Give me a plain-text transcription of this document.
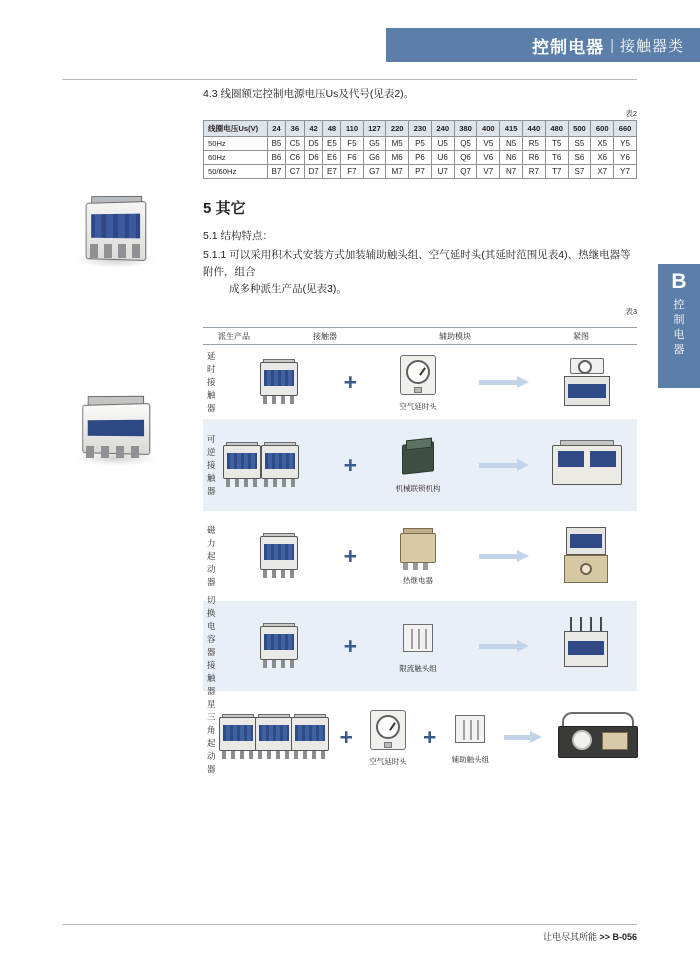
控制电器 | 接触器类
B
控
制
电
器
4.3 线圈额定控制电源电压Us及代号(见表2)。
表2
线圈电压Us(V)	24	36	42	48	110	127	220	230	240	380	400	415	440	480	500	600	660
50Hz	B5	C5	D5	E5	F5	G5	M5	P5	U5	Q5	V5	N5	R5	T5	S5	X5	Y5
60Hz	B6	C6	D6	E6	F6	G6	M6	P6	U6	Q6	V6	N6	R6	T6	S6	X6	Y6
50/60Hz	B7	C7	D7	E7	F7	G7	M7	P7	U7	Q7	V7	N7	R7	T7	S7	X7	Y7
5 其它
5.1 结构特点：
5.1.1 可以采用积木式安装方式加装辅助触头组、空气延时头(其延时范围见表4)、热继电器等附件，组合
成多种派生产品(见表3)。
表3
派生产品	接触器	辅助模块	紧图
延时接触器
+
空气延时头
可逆接触器
+
机械联锁机构
磁力起动器
+
热继电器
切换电容器接触器
+
限流触头组
星三角
起动器
+
空气延时头
+
辅助触头组
让电尽其所能 >> B-056
